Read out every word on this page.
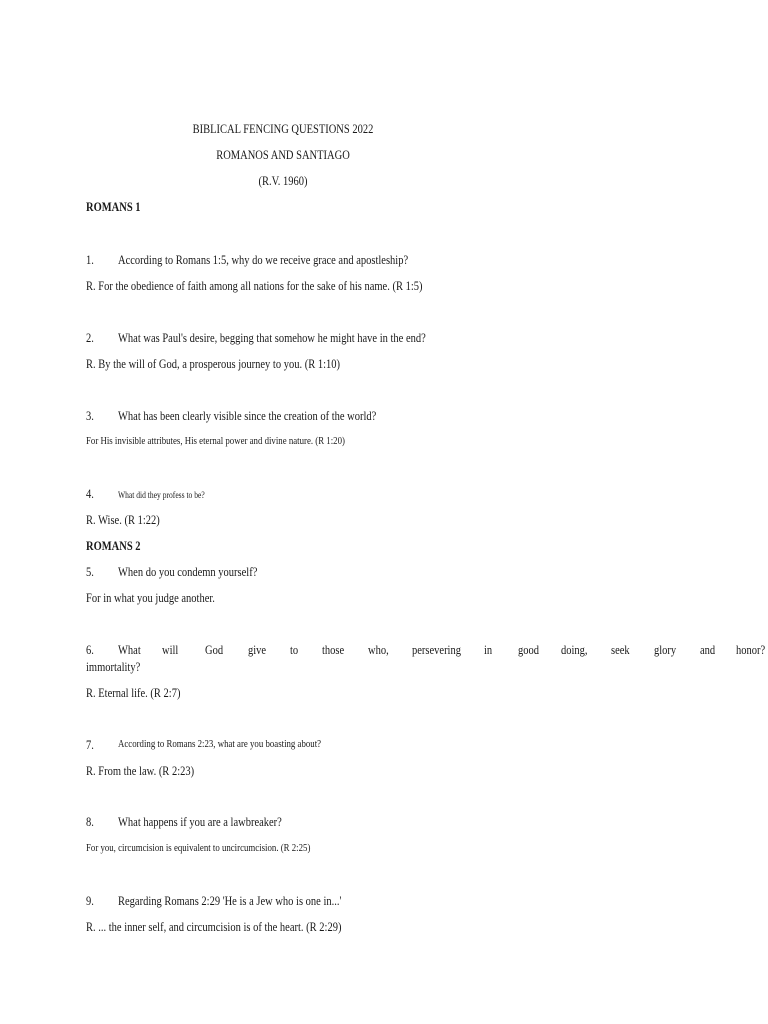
BIBLICAL FENCING QUESTIONS 2022
ROMANOS AND SANTIAGO
(R.V. 1960)
ROMANS 1
1. According to Romans 1:5, why do we receive grace and apostleship?
R. For the obedience of faith among all nations for the sake of his name. (R 1:5)
2. What was Paul's desire, begging that somehow he might have in the end?
R. By the will of God, a prosperous journey to you. (R 1:10)
3. What has been clearly visible since the creation of the world?
For His invisible attributes, His eternal power and divine nature. (R 1:20)
4.	What did they profess to be?
R. Wise. (R 1:22)
ROMANS 2
5. When do you condemn yourself?
For in what you judge another.
6. What will God give to those who, persevering in good doing, seek glory and honor?
immortality?
R. Eternal life. (R 2:7)
7. According to Romans 2:23, what are you boasting about?
R. From the law. (R 2:23)
8. What happens if you are a lawbreaker?
For you, circumcision is equivalent to uncircumcision. (R 2:25)
9. Regarding Romans 2:29 'He is a Jew who is one in...'
R. ... the inner self, and circumcision is of the heart. (R 2:29)
